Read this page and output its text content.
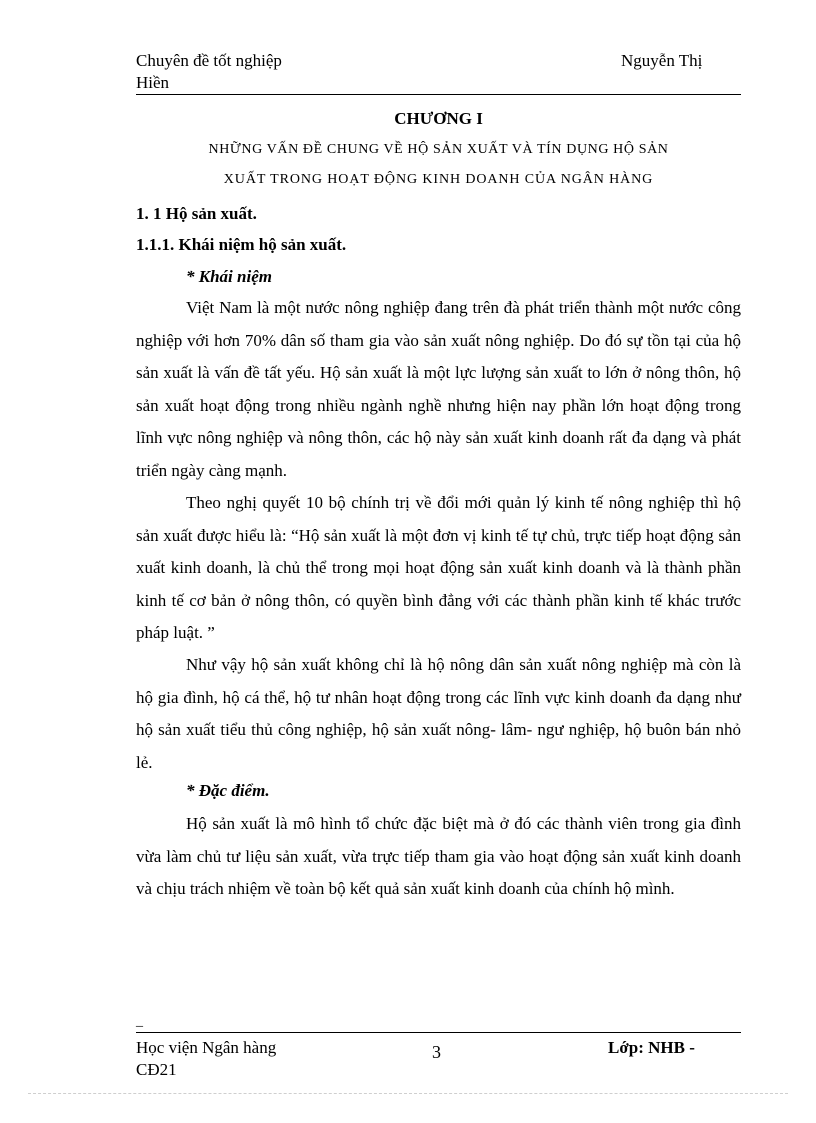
Chuyên đề tốt nghiệp
Hiền
Nguyễn Thị
CHƯƠNG I
NHỮNG VẤN ĐỀ CHUNG VỀ HỘ SẢN XUẤT VÀ TÍN DỤNG HỘ SẢN
XUẤT TRONG HOẠT ĐỘNG KINH DOANH CỦA NGÂN HÀNG
1. 1 Hộ sản xuất.
1.1.1. Khái niệm hộ sản xuất.
* Khái niệm

Việt Nam là một nước nông nghiệp đang trên đà phát triển thành một nước công nghiệp với hơn 70% dân số tham gia vào sản xuất nông nghiệp. Do đó sự tồn tại của hộ sản xuất là vấn đề tất yếu. Hộ sản xuất là một lực lượng sản xuất to lớn ở nông thôn, hộ sản xuất hoạt động trong nhiều ngành nghề nhưng hiện nay phần lớn hoạt động trong lĩnh vực nông nghiệp và nông thôn, các hộ này sản xuất kinh doanh rất đa dạng và phát triển ngày càng mạnh.

Theo nghị quyết 10 bộ chính trị về đổi mới quản lý kinh tế nông nghiệp thì hộ sản xuất được hiểu là: “Hộ sản xuất là một đơn vị kinh tế tự chủ, trực tiếp hoạt động sản xuất kinh doanh, là chủ thể trong mọi hoạt động sản xuất kinh doanh và là thành phần kinh tế cơ bản ở nông thôn, có quyền bình đẳng với các thành phần kinh tế khác trước pháp luật. ”

Như vậy hộ sản xuất không chỉ là hộ nông dân sản xuất nông nghiệp mà còn là hộ gia đình, hộ cá thể, hộ tư nhân hoạt động trong các lĩnh vực kinh doanh đa dạng như hộ sản xuất tiểu thủ công nghiệp, hộ sản xuất nông- lâm- ngư nghiệp, hộ buôn bán nhỏ lẻ.

* Đặc điểm.

Hộ sản xuất là mô hình tổ chức đặc biệt mà ở đó các thành viên trong gia đình vừa làm chủ tư liệu sản xuất, vừa trực tiếp tham gia vào hoạt động sản xuất kinh doanh và chịu trách nhiệm về toàn bộ kết quả sản xuất kinh doanh của chính hộ mình.

_
Học viện Ngân hàng
CĐ21
3	Lớp: NHB -
